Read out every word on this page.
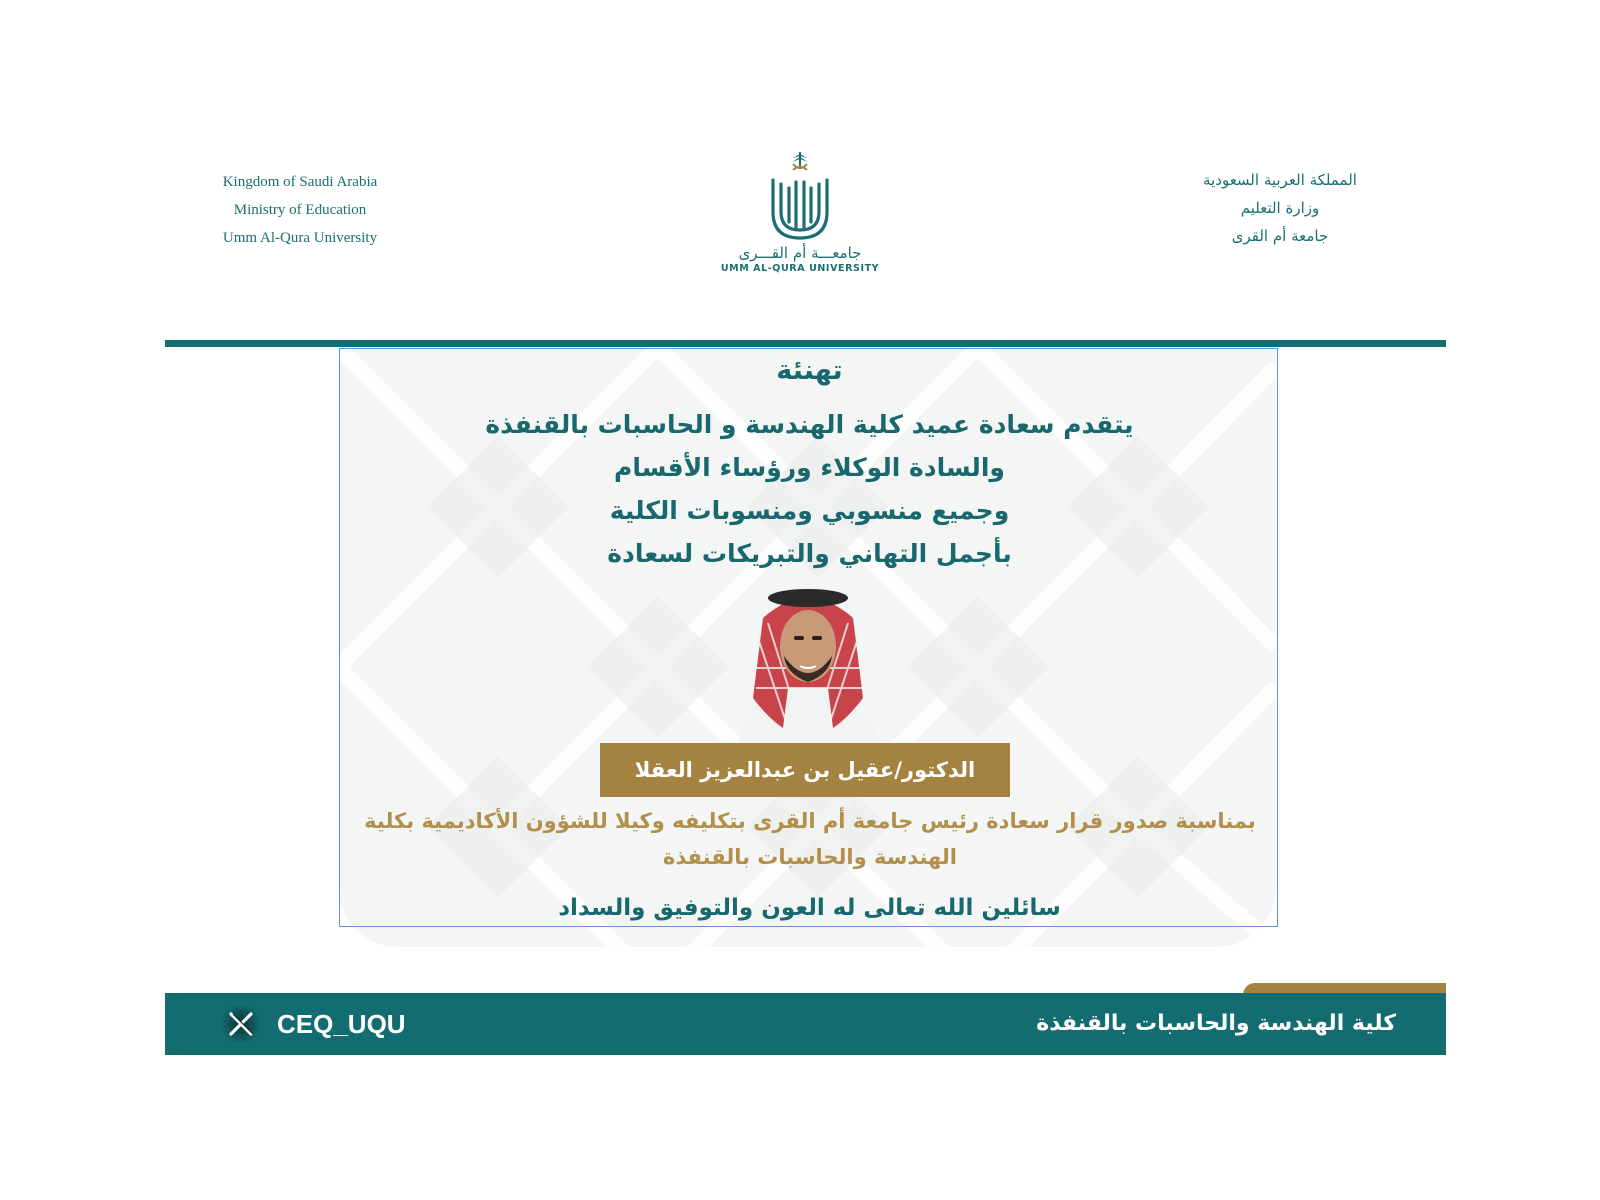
Kingdom of Saudi Arabia
Ministry of Education
Umm Al-Qura University
جامعـــة أم القـــرى
UMM AL-QURA UNIVERSITY
المملكة العربية السعودية
وزارة التعليم
جامعة أم القرى
تهنئة
يتقدم سعادة عميد كلية الهندسة و الحاسبات بالقنفذة
والسادة الوكلاء ورؤساء الأقسام
وجميع منسوبي ومنسوبات الكلية
بأجمل التهاني والتبريكات لسعادة
الدكتور/عقيل بن عبدالعزيز العقلا
بمناسبة صدور قرار سعادة رئيس جامعة أم القرى بتكليفه وكيلا للشؤون الأكاديمية بكلية
الهندسة والحاسبات بالقنفذة
سائلين الله تعالى له العون والتوفيق والسداد
CEQ_UQU	كلية الهندسة والحاسبات بالقنفذة
